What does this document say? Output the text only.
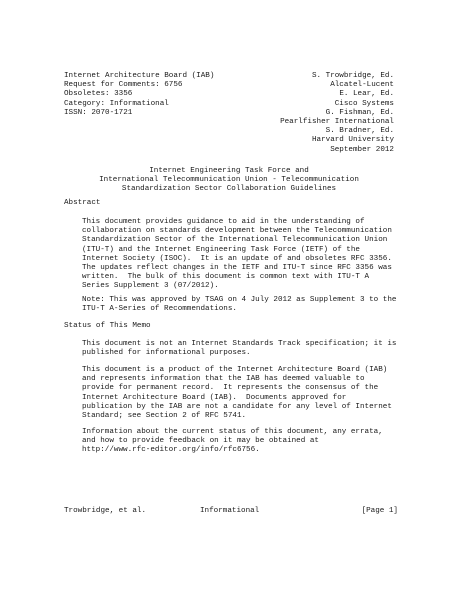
Internet Architecture Board (IAB)
Request for Comments: 6756
Obsoletes: 3356
Category: Informational
ISSN: 2070-1721
S. Trowbridge, Ed.
Alcatel-Lucent
E. Lear, Ed.
Cisco Systems
G. Fishman, Ed.
Pearlfisher International
S. Bradner, Ed.
Harvard University
September 2012
Internet Engineering Task Force and
International Telecommunication Union - Telecommunication
Standardization Sector Collaboration Guidelines
Abstract
This document provides guidance to aid in the understanding of
collaboration on standards development between the Telecommunication
Standardization Sector of the International Telecommunication Union
(ITU-T) and the Internet Engineering Task Force (IETF) of the
Internet Society (ISOC).  It is an update of and obsoletes RFC 3356.
The updates reflect changes in the IETF and ITU-T since RFC 3356 was
written.  The bulk of this document is common text with ITU-T A
Series Supplement 3 (07/2012).
Note: This was approved by TSAG on 4 July 2012 as Supplement 3 to the
ITU-T A-Series of Recommendations.
Status of This Memo
This document is not an Internet Standards Track specification; it is
published for informational purposes.
This document is a product of the Internet Architecture Board (IAB)
and represents information that the IAB has deemed valuable to
provide for permanent record.  It represents the consensus of the
Internet Architecture Board (IAB).  Documents approved for
publication by the IAB are not a candidate for any level of Internet
Standard; see Section 2 of RFC 5741.
Information about the current status of this document, any errata,
and how to provide feedback on it may be obtained at
http://www.rfc-editor.org/info/rfc6756.
Trowbridge, et al.	Informational	[Page 1]
